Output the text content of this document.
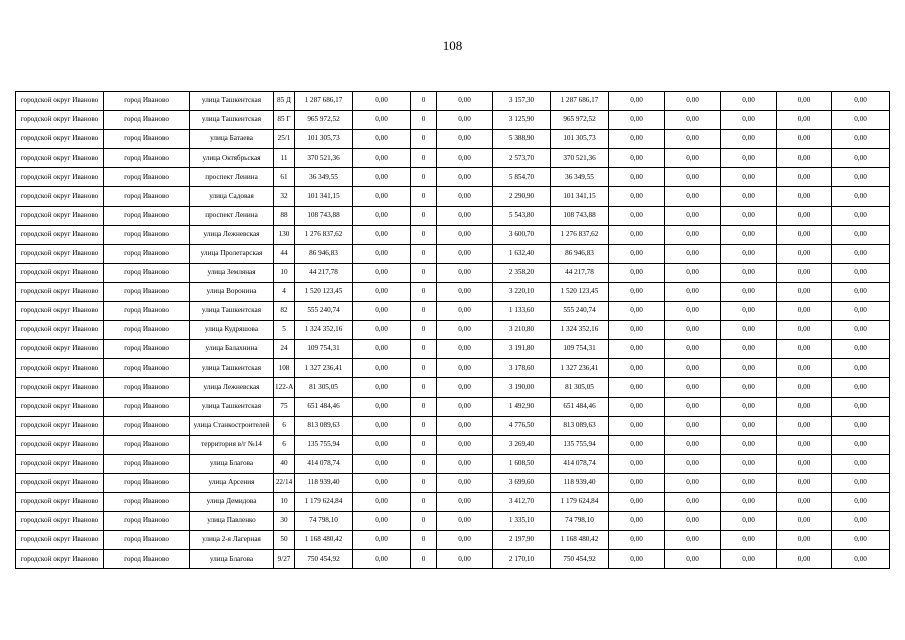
108
городской округ Иваново	город Иваново	улица Ташкентская	85 Д	1 287 686,17	0,00	0	0,00	3 157,30	1 287 686,17	0,00	0,00	0,00	0,00	0,00
городской округ Иваново	город Иваново	улица Ташкентская	85 Г	965 972,52	0,00	0	0,00	3 125,90	965 972,52	0,00	0,00	0,00	0,00	0,00
городской округ Иваново	город Иваново	улица Батаева	25/1	101 305,73	0,00	0	0,00	5 388,90	101 305,73	0,00	0,00	0,00	0,00	0,00
городской округ Иваново	город Иваново	улица Октябрьская	11	370 521,36	0,00	0	0,00	2 573,70	370 521,36	0,00	0,00	0,00	0,00	0,00
городской округ Иваново	город Иваново	проспект Ленина	61	36 349,55	0,00	0	0,00	5 854,70	36 349,55	0,00	0,00	0,00	0,00	0,00
городской округ Иваново	город Иваново	улица Садовая	32	101 341,15	0,00	0	0,00	2 290,90	101 341,15	0,00	0,00	0,00	0,00	0,00
городской округ Иваново	город Иваново	проспект Ленина	88	108 743,88	0,00	0	0,00	5 543,80	108 743,88	0,00	0,00	0,00	0,00	0,00
городской округ Иваново	город Иваново	улица Лежневская	130	1 276 837,62	0,00	0	0,00	3 600,70	1 276 837,62	0,00	0,00	0,00	0,00	0,00
городской округ Иваново	город Иваново	улица Пролетарская	44	86 946,83	0,00	0	0,00	1 632,40	86 946,83	0,00	0,00	0,00	0,00	0,00
городской округ Иваново	город Иваново	улица Земляная	10	44 217,78	0,00	0	0,00	2 358,20	44 217,78	0,00	0,00	0,00	0,00	0,00
городской округ Иваново	город Иваново	улица Воронина	4	1 520 123,45	0,00	0	0,00	3 220,10	1 520 123,45	0,00	0,00	0,00	0,00	0,00
городской округ Иваново	город Иваново	улица Ташкентская	82	555 240,74	0,00	0	0,00	1 133,60	555 240,74	0,00	0,00	0,00	0,00	0,00
городской округ Иваново	город Иваново	улица Кудряшова	5	1 324 352,16	0,00	0	0,00	3 210,80	1 324 352,16	0,00	0,00	0,00	0,00	0,00
городской округ Иваново	город Иваново	улица Балахнина	24	109 754,31	0,00	0	0,00	3 191,80	109 754,31	0,00	0,00	0,00	0,00	0,00
городской округ Иваново	город Иваново	улица Ташкентская	108	1 327 236,41	0,00	0	0,00	3 178,60	1 327 236,41	0,00	0,00	0,00	0,00	0,00
городской округ Иваново	город Иваново	улица Лежневская	122-А	81 305,05	0,00	0	0,00	3 190,00	81 305,05	0,00	0,00	0,00	0,00	0,00
городской округ Иваново	город Иваново	улица Ташкентская	75	651 484,46	0,00	0	0,00	1 492,90	651 484,46	0,00	0,00	0,00	0,00	0,00
городской округ Иваново	город Иваново	улица Станкостроителей	6	813 089,63	0,00	0	0,00	4 776,50	813 089,63	0,00	0,00	0,00	0,00	0,00
городской округ Иваново	город Иваново	территория в/г №14	6	135 755,94	0,00	0	0,00	3 269,40	135 755,94	0,00	0,00	0,00	0,00	0,00
городской округ Иваново	город Иваново	улица Благова	40	414 078,74	0,00	0	0,00	1 608,50	414 078,74	0,00	0,00	0,00	0,00	0,00
городской округ Иваново	город Иваново	улица Арсения	22/14	118 939,40	0,00	0	0,00	3 699,60	118 939,40	0,00	0,00	0,00	0,00	0,00
городской округ Иваново	город Иваново	улица Демидова	10	1 179 624,84	0,00	0	0,00	3 412,70	1 179 624,84	0,00	0,00	0,00	0,00	0,00
городской округ Иваново	город Иваново	улица Павленко	30	74 798,10	0,00	0	0,00	1 335,10	74 798,10	0,00	0,00	0,00	0,00	0,00
городской округ Иваново	город Иваново	улица 2-я Лагерная	50	1 168 480,42	0,00	0	0,00	2 197,90	1 168 480,42	0,00	0,00	0,00	0,00	0,00
городской округ Иваново	город Иваново	улица Благова	9/27	750 454,92	0,00	0	0,00	2 170,10	750 454,92	0,00	0,00	0,00	0,00	0,00
